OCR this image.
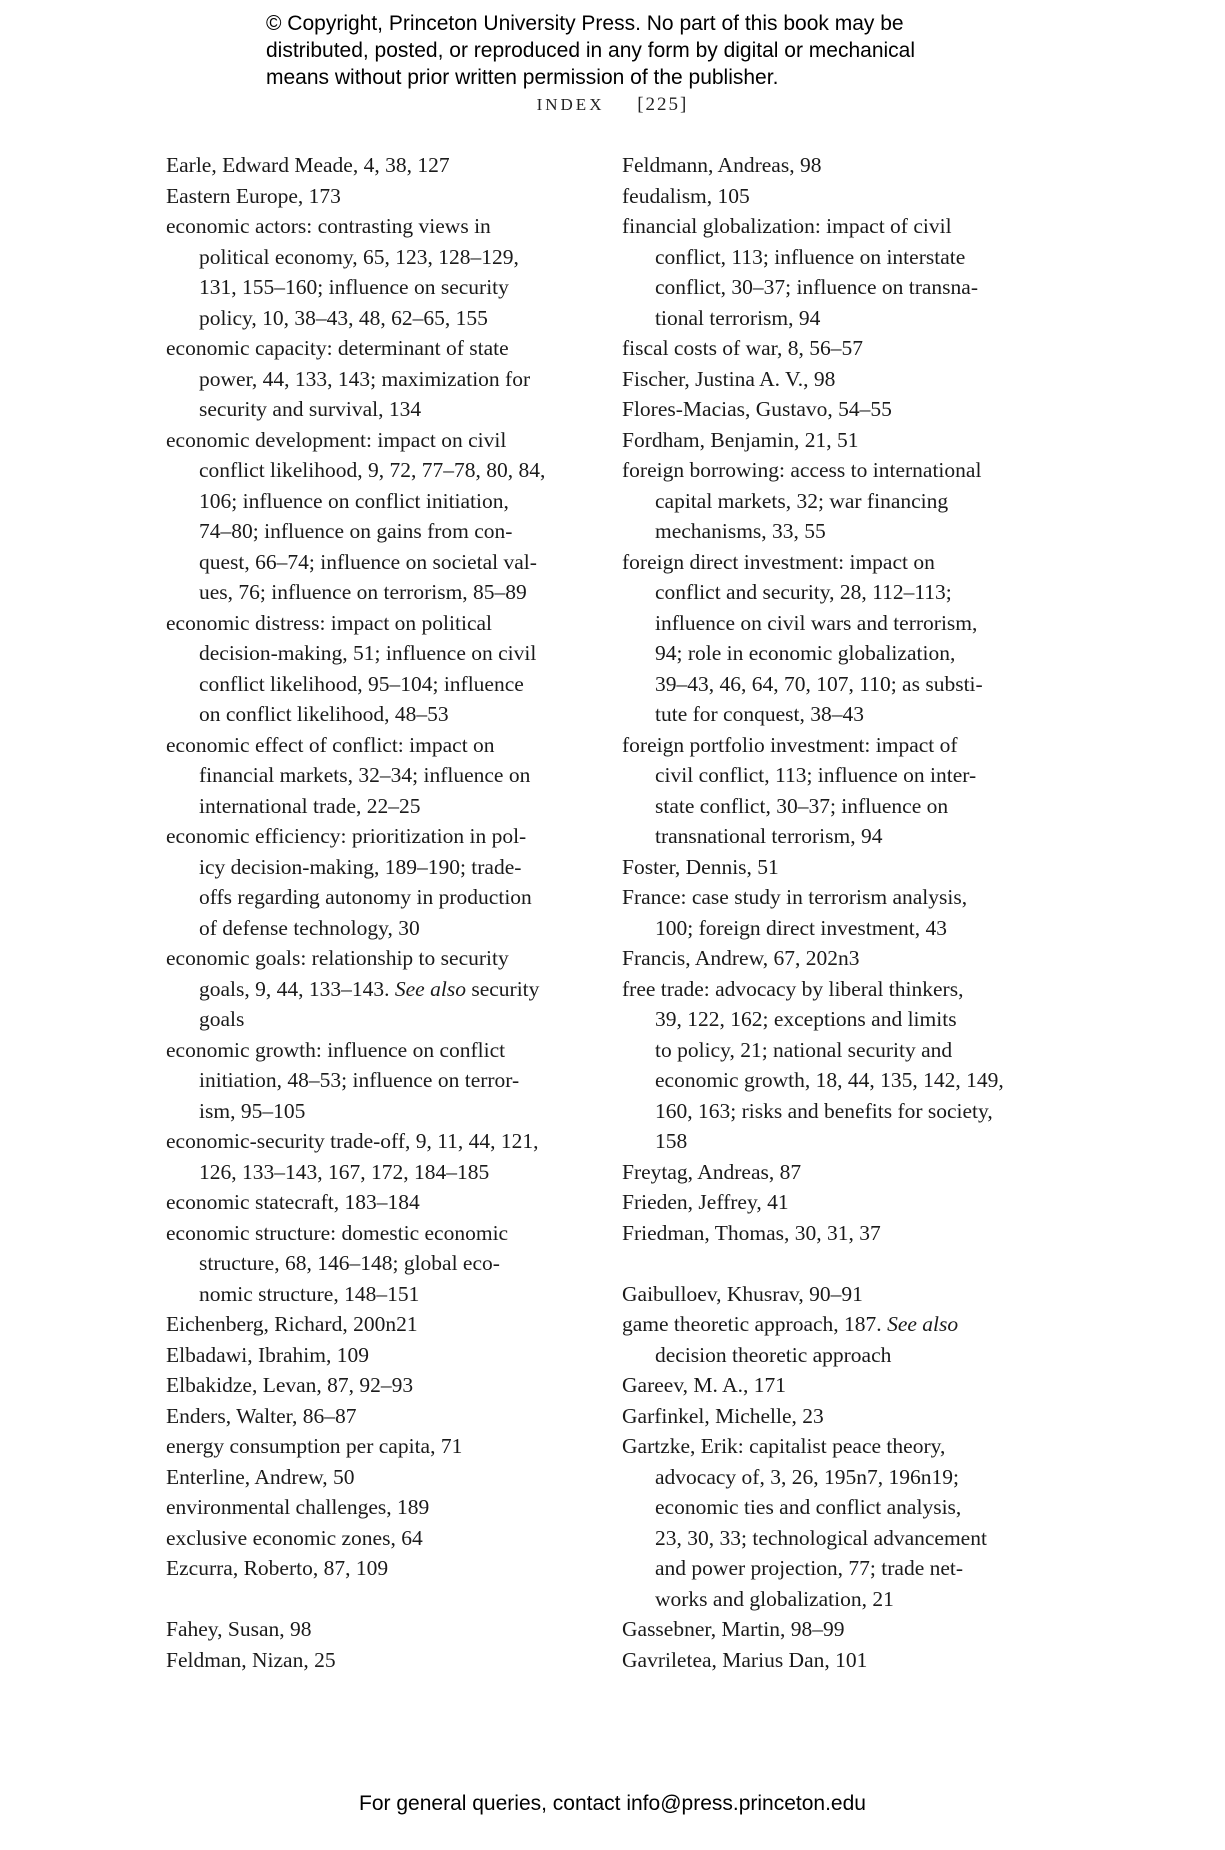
© Copyright, Princeton University Press. No part of this book may be
distributed, posted, or reproduced in any form by digital or mechanical
means without prior written permission of the publisher.
INDEX [225]
Earle, Edward Meade, 4, 38, 127
Eastern Europe, 173
economic actors: contrasting views in
political economy, 65, 123, 128–129,
131, 155–160; influence on security
policy, 10, 38–43, 48, 62–65, 155
economic capacity: determinant of state
power, 44, 133, 143; maximization for
security and survival, 134
economic development: impact on civil
conflict likelihood, 9, 72, 77–78, 80, 84,
106; influence on conflict initiation,
74–80; influence on gains from con-
quest, 66–74; influence on societal val-
ues, 76; influence on terrorism, 85–89
economic distress: impact on political
decision-making, 51; influence on civil
conflict likelihood, 95–104; influence
on conflict likelihood, 48–53
economic effect of conflict: impact on
financial markets, 32–34; influence on
international trade, 22–25
economic efficiency: prioritization in pol-
icy decision-making, 189–190; trade-
offs regarding autonomy in production
of defense technology, 30
economic goals: relationship to security
goals, 9, 44, 133–143. See also security
goals
economic growth: influence on conflict
initiation, 48–53; influence on terror-
ism, 95–105
economic-security trade-off, 9, 11, 44, 121,
126, 133–143, 167, 172, 184–185
economic statecraft, 183–184
economic structure: domestic economic
structure, 68, 146–148; global eco-
nomic structure, 148–151
Eichenberg, Richard, 200n21
Elbadawi, Ibrahim, 109
Elbakidze, Levan, 87, 92–93
Enders, Walter, 86–87
energy consumption per capita, 71
Enterline, Andrew, 50
environmental challenges, 189
exclusive economic zones, 64
Ezcurra, Roberto, 87, 109
Fahey, Susan, 98
Feldman, Nizan, 25
Feldmann, Andreas, 98
feudalism, 105
financial globalization: impact of civil
conflict, 113; influence on interstate
conflict, 30–37; influence on transna-
tional terrorism, 94
fiscal costs of war, 8, 56–57
Fischer, Justina A. V., 98
Flores-Macias, Gustavo, 54–55
Fordham, Benjamin, 21, 51
foreign borrowing: access to international
capital markets, 32; war financing
mechanisms, 33, 55
foreign direct investment: impact on
conflict and security, 28, 112–113;
influence on civil wars and terrorism,
94; role in economic globalization,
39–43, 46, 64, 70, 107, 110; as substi-
tute for conquest, 38–43
foreign portfolio investment: impact of
civil conflict, 113; influence on inter-
state conflict, 30–37; influence on
transnational terrorism, 94
Foster, Dennis, 51
France: case study in terrorism analysis,
100; foreign direct investment, 43
Francis, Andrew, 67, 202n3
free trade: advocacy by liberal thinkers,
39, 122, 162; exceptions and limits
to policy, 21; national security and
economic growth, 18, 44, 135, 142, 149,
160, 163; risks and benefits for society,
158
Freytag, Andreas, 87
Frieden, Jeffrey, 41
Friedman, Thomas, 30, 31, 37
Gaibulloev, Khusrav, 90–91
game theoretic approach, 187. See also
decision theoretic approach
Gareev, M. A., 171
Garfinkel, Michelle, 23
Gartzke, Erik: capitalist peace theory,
advocacy of, 3, 26, 195n7, 196n19;
economic ties and conflict analysis,
23, 30, 33; technological advancement
and power projection, 77; trade net-
works and globalization, 21
Gassebner, Martin, 98–99
Gavriletea, Marius Dan, 101
For general queries, contact info@press.princeton.edu
